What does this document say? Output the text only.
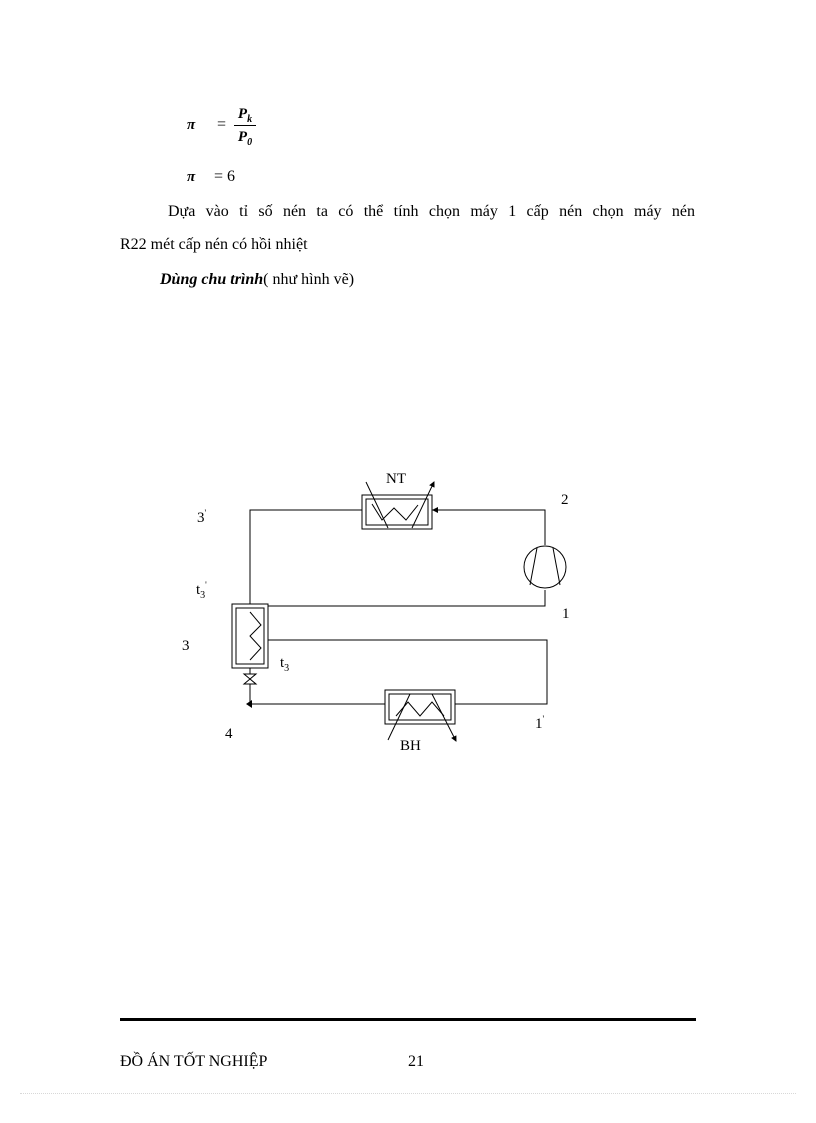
π =
$P_k$
$P_0$
π = 6
Dựa vào tỉ số nén ta có thể tính chọn máy 1 cấp nén chọn máy nén
R22 mét cấp nén có hồi nhiệt
Dùng chu trình( như hình vẽ)
NT
BH
2
1
1'
3'
$t_3'$
3
$t_3$
4
ĐỒ ÁN TỐT NGHIỆP	21
